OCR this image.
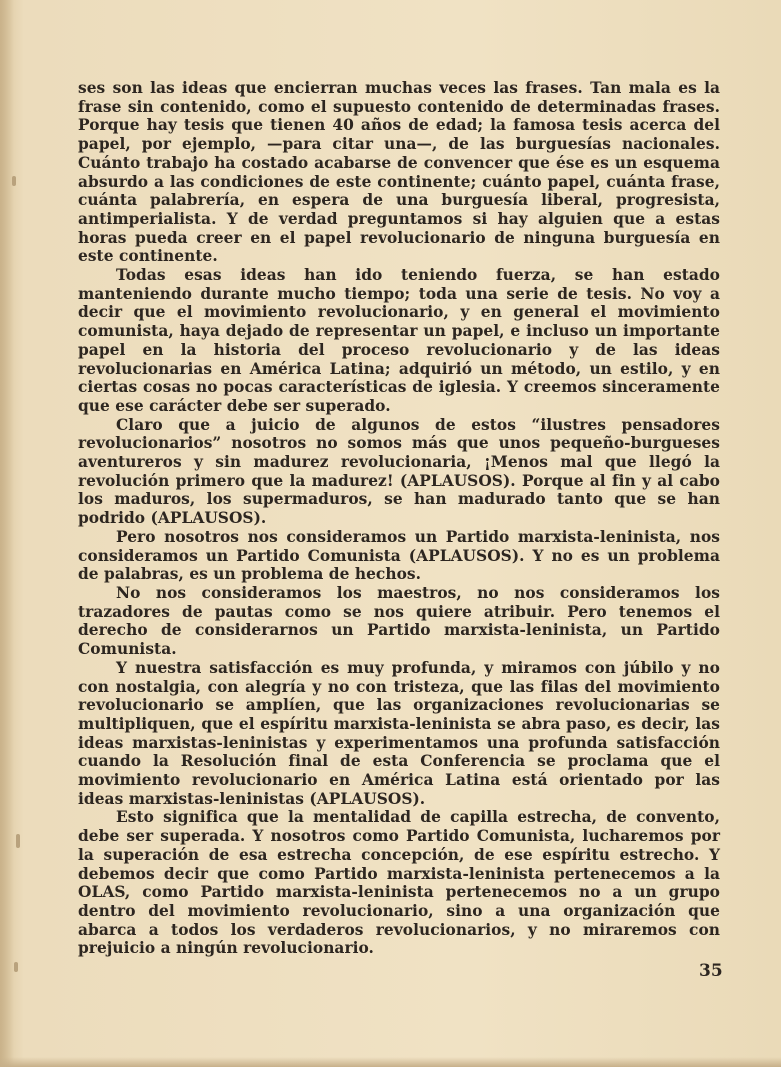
ses son las ideas que encierran muchas veces las frases. Tan mala es la frase sin contenido, como el supuesto contenido de determinadas frases. Porque hay tesis que tienen 40 años de edad; la famosa tesis acerca del papel, por ejemplo, —para citar una—, de las burguesías nacionales. Cuánto trabajo ha costado acabarse de convencer que ése es un esquema absurdo a las condiciones de este continente; cuánto papel, cuánta frase, cuánta palabrería, en espera de una burguesía liberal, progresista, antimperialista. Y de verdad preguntamos si hay alguien que a estas horas pueda creer en el papel revolucionario de ninguna burguesía en este continente.

Todas esas ideas han ido teniendo fuerza, se han estado manteniendo durante mucho tiempo; toda una serie de tesis. No voy a decir que el movimiento revolucionario, y en general el movimiento comunista, haya dejado de representar un papel, e incluso un importante papel en la historia del proceso revolucionario y de las ideas revolucionarias en América Latina; adquirió un método, un estilo, y en ciertas cosas no pocas características de iglesia. Y creemos sinceramente que ese carácter debe ser superado.

Claro que a juicio de algunos de estos “ilustres pensadores revolucionarios” nosotros no somos más que unos pequeño-burgueses aventureros y sin madurez revolucionaria, ¡Menos mal que llegó la revolución primero que la madurez! (APLAUSOS). Porque al fin y al cabo los maduros, los supermaduros, se han madurado tanto que se han podrido (APLAUSOS).

Pero nosotros nos consideramos un Partido marxista-leninista, nos consideramos un Partido Comunista (APLAUSOS). Y no es un problema de palabras, es un problema de hechos.

No nos consideramos los maestros, no nos consideramos los trazadores de pautas como se nos quiere atribuir. Pero tenemos el derecho de considerarnos un Partido marxista-leninista, un Partido Comunista.

Y nuestra satisfacción es muy profunda, y miramos con júbilo y no con nostalgia, con alegría y no con tristeza, que las filas del movimiento revolucionario se amplíen, que las organizaciones revolucionarias se multipliquen, que el espíritu marxista-leninista se abra paso, es decir, las ideas marxistas-leninistas y experimentamos una profunda satisfacción cuando la Resolución final de esta Conferencia se proclama que el movimiento revolucionario en América Latina está orientado por las ideas marxistas-leninistas (APLAUSOS).

Esto significa que la mentalidad de capilla estrecha, de convento, debe ser superada. Y nosotros como Partido Comunista, lucharemos por la superación de esa estrecha concepción, de ese espíritu estrecho. Y debemos decir que como Partido marxista-leninista pertenecemos a la OLAS, como Partido marxista-leninista pertenecemos no a un grupo dentro del movimiento revolucionario, sino a una organización que abarca a todos los verdaderos revolucionarios, y no miraremos con prejuicio a ningún revolucionario.

35
